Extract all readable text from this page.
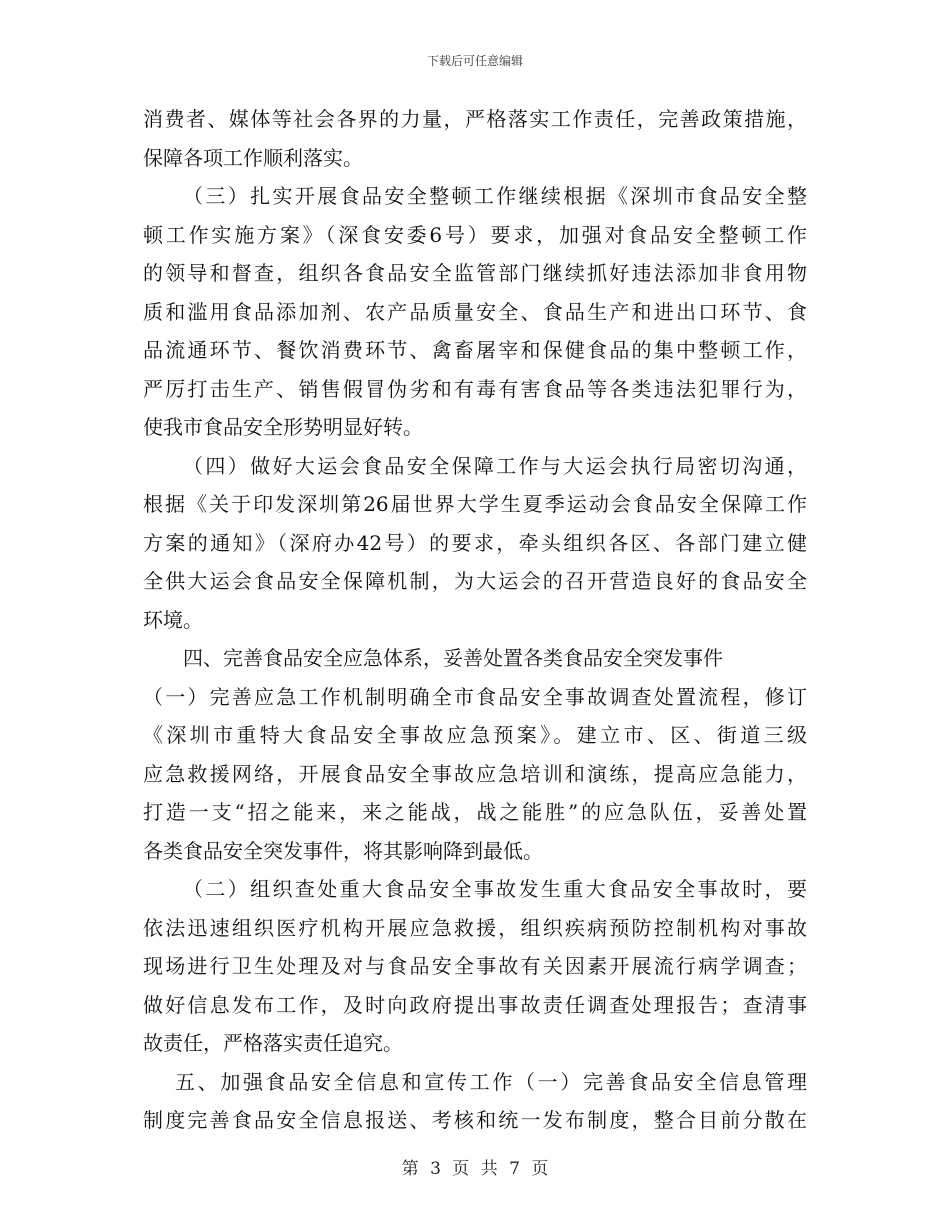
下载后可任意编辑
消费者、媒体等社会各界的力量，严格落实工作责任，完善政策措施，
保障各项工作顺利落实。
（三）扎实开展食品安全整顿工作继续根据《深圳市食品安全整
顿工作实施方案》（深食安委6号）要求，加强对食品安全整顿工作
的领导和督查，组织各食品安全监管部门继续抓好违法添加非食用物
质和滥用食品添加剂、农产品质量安全、食品生产和进出口环节、食
品流通环节、餐饮消费环节、禽畜屠宰和保健食品的集中整顿工作，
严厉打击生产、销售假冒伪劣和有毒有害食品等各类违法犯罪行为，
使我市食品安全形势明显好转。
（四）做好大运会食品安全保障工作与大运会执行局密切沟通，
根据《关于印发深圳第26届世界大学生夏季运动会食品安全保障工作
方案的通知》（深府办42号）的要求，牵头组织各区、各部门建立健
全供大运会食品安全保障机制，为大运会的召开营造良好的食品安全
环境。
四、完善食品安全应急体系，妥善处置各类食品安全突发事件
（一）完善应急工作机制明确全市食品安全事故调查处置流程，修订
《深圳市重特大食品安全事故应急预案》。建立市、区、街道三级
应急救援网络，开展食品安全事故应急培训和演练，提高应急能力，
打造一支“招之能来，来之能战，战之能胜”的应急队伍，妥善处置
各类食品安全突发事件，将其影响降到最低。
（二）组织查处重大食品安全事故发生重大食品安全事故时，要
依法迅速组织医疗机构开展应急救援，组织疾病预防控制机构对事故
现场进行卫生处理及对与食品安全事故有关因素开展流行病学调查；
做好信息发布工作，及时向政府提出事故责任调查处理报告；查清事
故责任，严格落实责任追究。
五、加强食品安全信息和宣传工作（一）完善食品安全信息管理
制度完善食品安全信息报送、考核和统一发布制度，整合目前分散在
第 3 页 共 7 页
